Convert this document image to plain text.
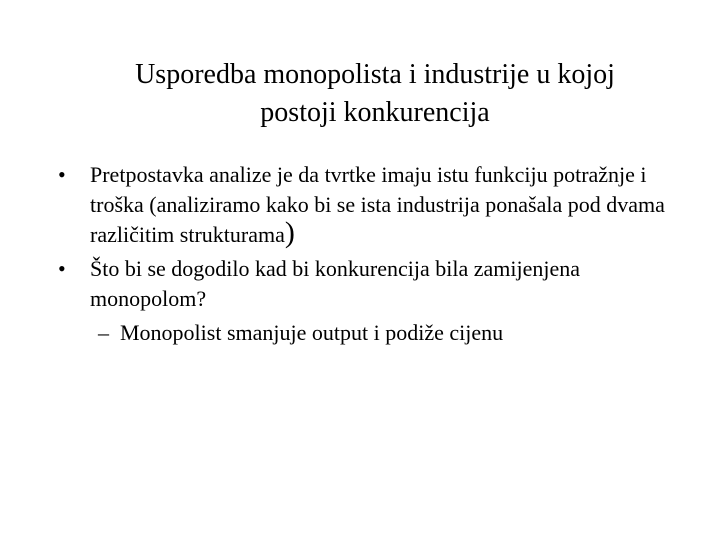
Usporedba monopolista i industrije u kojoj
postoji konkurencija
•	Pretpostavka analize je da tvrtke imaju istu funkciju potražnje i troška (analiziramo kako bi se ista industrija ponašala pod dvama različitim strukturama)
•	Što bi se dogodilo kad bi konkurencija bila zamijenjena monopolom?
– Monopolist smanjuje output i podiže cijenu
